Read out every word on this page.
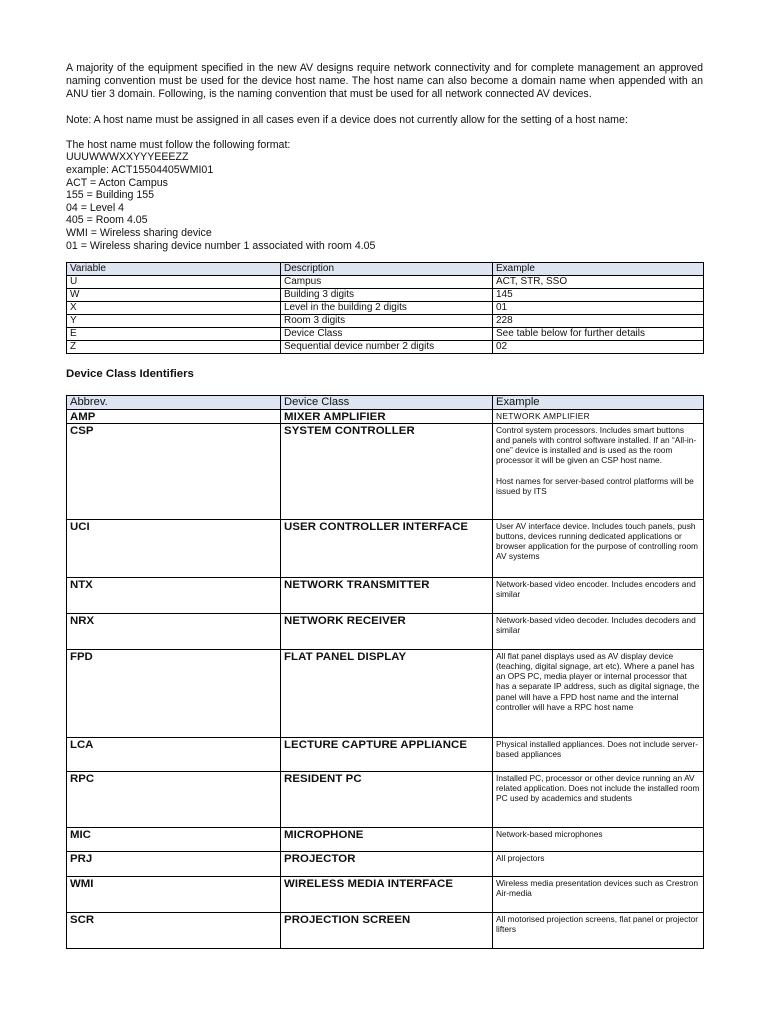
A majority of the equipment specified in the new AV designs require network connectivity and for complete management an approved naming convention must be used for the device host name. The host name can also become a domain name when appended with an ANU tier 3 domain. Following, is the naming convention that must be used for all network connected AV devices.

Note: A host name must be assigned in all cases even if a device does not currently allow for the setting of a host name:

The host name must follow the following format:
UUUWWWXXYYYEEEZZ
example: ACT15504405WMI01
ACT = Acton Campus
155 = Building 155
04 = Level 4
405 = Room 4.05
WMI = Wireless sharing device
01 = Wireless sharing device number 1 associated with room 4.05
Variable	Description	Example
U	Campus	ACT, STR, SSO
W	Building 3 digits	145
X	Level in the building 2 digits	01
Y	Room 3 digits	228
E	Device Class	See table below for further details
Z	Sequential device number 2 digits	02
Device Class Identifiers
Abbrev.	Device Class	Example
AMP	MIXER AMPLIFIER	NETWORK AMPLIFIER
CSP	SYSTEM CONTROLLER	Control system processors. Includes smart buttons and panels with control software installed. If an “All-in-one” device is installed and is used as the room processor it will be given an CSP host name.
Host names for server-based control platforms will be issued by ITS

UCI	USER CONTROLLER INTERFACE	User AV interface device. Includes touch panels, push buttons, devices running dedicated applications or browser application for the purpose of controlling room AV systems
NTX	NETWORK TRANSMITTER	Network-based video encoder. Includes encoders and similar
NRX	NETWORK RECEIVER	Network-based video decoder. Includes decoders and similar
FPD	FLAT PANEL DISPLAY	All flat panel displays used as AV display device (teaching, digital signage, art etc). Where a panel has an OPS PC, media player or internal processor that has a separate IP address, such as digital signage, the panel will have a FPD host name and the internal controller will have a RPC host name
LCA	LECTURE CAPTURE APPLIANCE	Physical installed appliances. Does not include server-based appliances
RPC	RESIDENT PC	Installed PC, processor or other device running an AV related application. Does not include the installed room PC used by academics and students
MIC	MICROPHONE	Network-based microphones
PRJ	PROJECTOR	All projectors
WMI	WIRELESS MEDIA INTERFACE	Wireless media presentation devices such as Crestron Air-media
SCR	PROJECTION SCREEN	All motorised projection screens, flat panel or projector lifters
